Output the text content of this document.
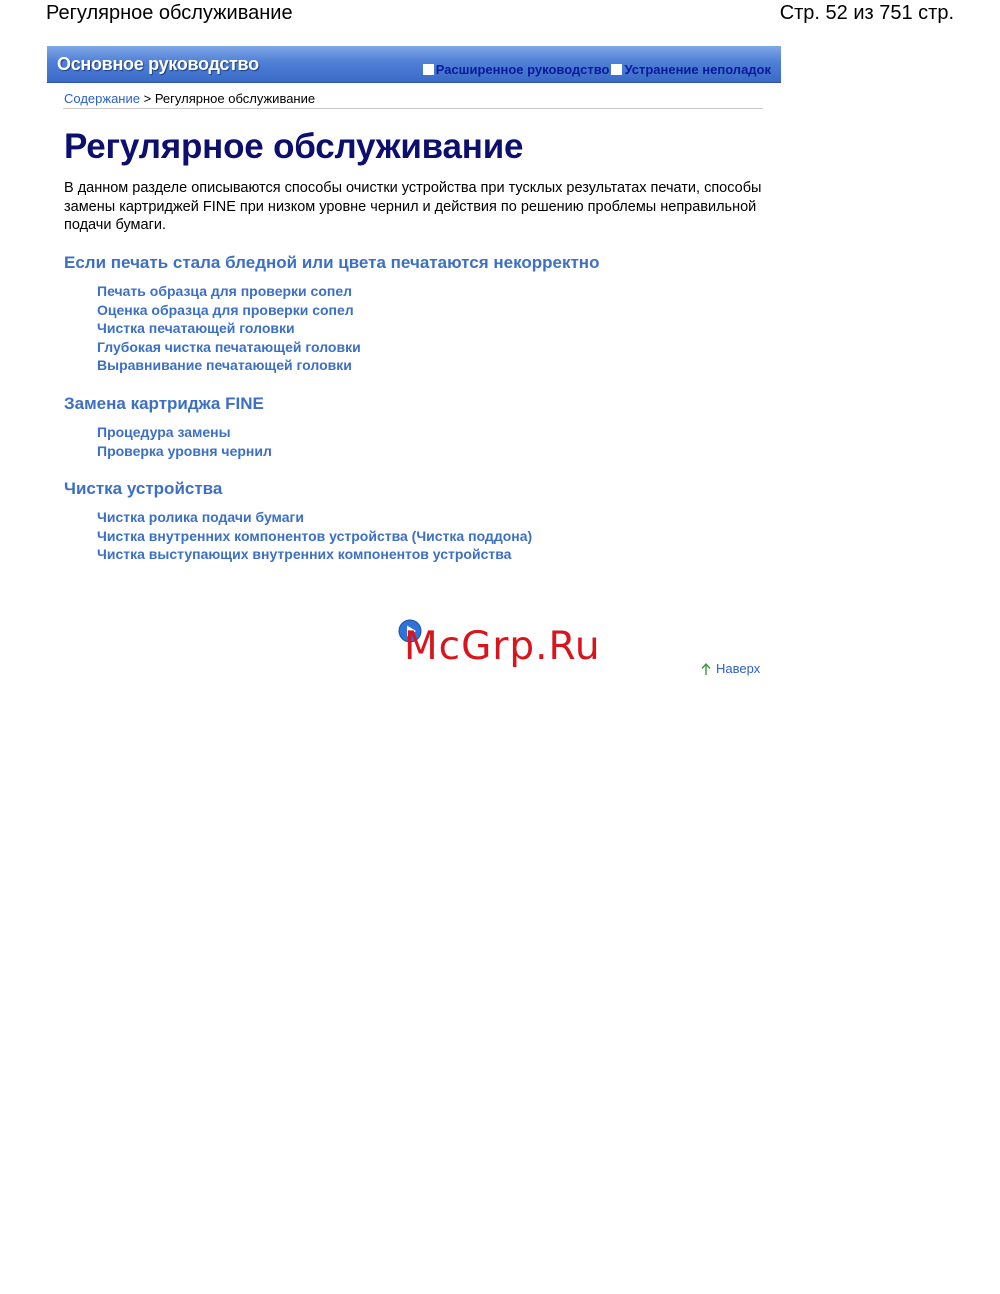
Регулярное обслуживание	Стр. 52 из 751 стр.
Основное руководство	Расширенное руководство Устранение неполадок
Содержание > Регулярное обслуживание
Регулярное обслуживание

В данном разделе описываются способы очистки устройства при тусклых результатах печати, способы замены картриджей FINE при низком уровне чернил и действия по решению проблемы неправильной подачи бумаги.

Если печать стала бледной или цвета печатаются некорректно
Печать образца для проверки сопел
Оценка образца для проверки сопел
Чистка печатающей головки
Глубокая чистка печатающей головки
Выравнивание печатающей головки
Замена картриджа FINE
Процедура замены
Проверка уровня чернил
Чистка устройства
Чистка ролика подачи бумаги
Чистка внутренних компонентов устройства (Чистка поддона)
Чистка выступающих внутренних компонентов устройства
McGrp.Ru	Наверх
